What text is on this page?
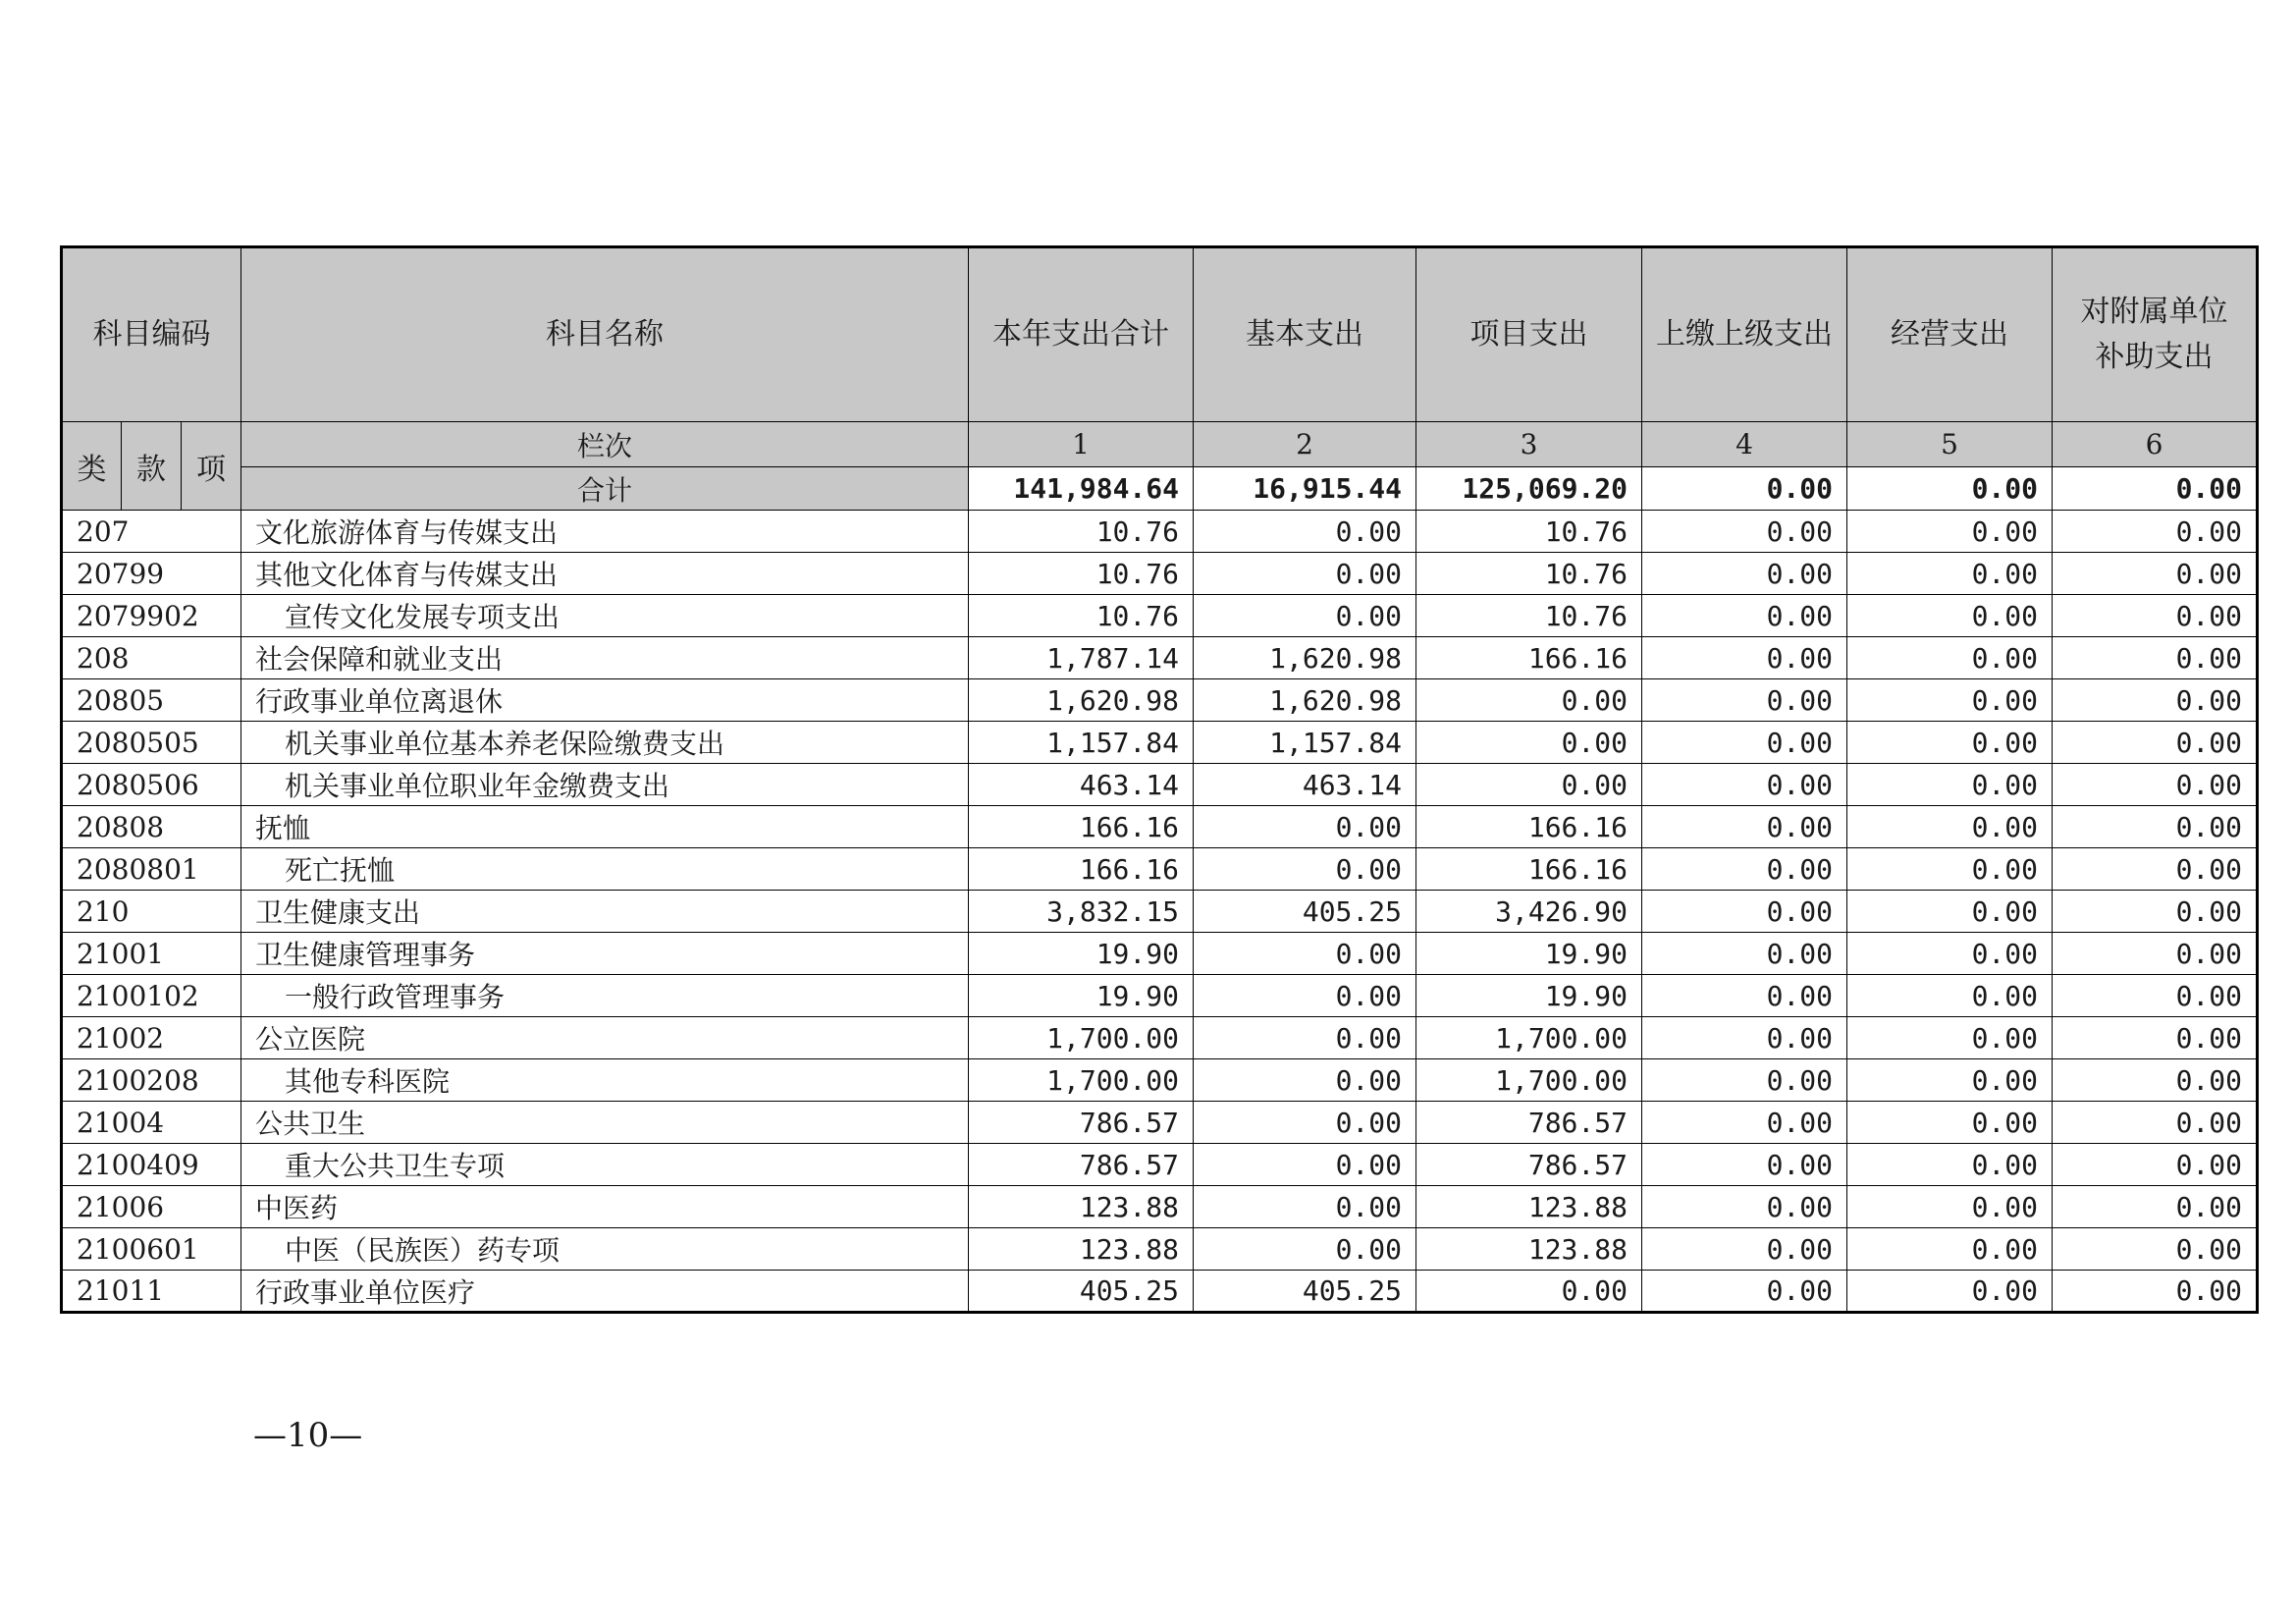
科目编码			科目名称	本年支出合计	基本支出	项目支出	上缴上级支出	经营支出	对附属单位补助支出
类	款	项	栏次	1	2	3	4	5	6
			合计	141,984.64	16,915.44	125,069.20	0.00	0.00	0.00
207			文化旅游体育与传媒支出	10.76	0.00	10.76	0.00	0.00	0.00
20799			其他文化体育与传媒支出	10.76	0.00	10.76	0.00	0.00	0.00
2079902			宣传文化发展专项支出	10.76	0.00	10.76	0.00	0.00	0.00
208			社会保障和就业支出	1,787.14	1,620.98	166.16	0.00	0.00	0.00
20805			行政事业单位离退休	1,620.98	1,620.98	0.00	0.00	0.00	0.00
2080505			机关事业单位基本养老保险缴费支出	1,157.84	1,157.84	0.00	0.00	0.00	0.00
2080506			机关事业单位职业年金缴费支出	463.14	463.14	0.00	0.00	0.00	0.00
20808			抚恤	166.16	0.00	166.16	0.00	0.00	0.00
2080801			死亡抚恤	166.16	0.00	166.16	0.00	0.00	0.00
210			卫生健康支出	3,832.15	405.25	3,426.90	0.00	0.00	0.00
21001			卫生健康管理事务	19.90	0.00	19.90	0.00	0.00	0.00
2100102			一般行政管理事务	19.90	0.00	19.90	0.00	0.00	0.00
21002			公立医院	1,700.00	0.00	1,700.00	0.00	0.00	0.00
2100208			其他专科医院	1,700.00	0.00	1,700.00	0.00	0.00	0.00
21004			公共卫生	786.57	0.00	786.57	0.00	0.00	0.00
2100409			重大公共卫生专项	786.57	0.00	786.57	0.00	0.00	0.00
21006			中医药	123.88	0.00	123.88	0.00	0.00	0.00
2100601			中医（民族医）药专项	123.88	0.00	123.88	0.00	0.00	0.00
21011			行政事业单位医疗	405.25	405.25	0.00	0.00	0.00	0.00
—10—
